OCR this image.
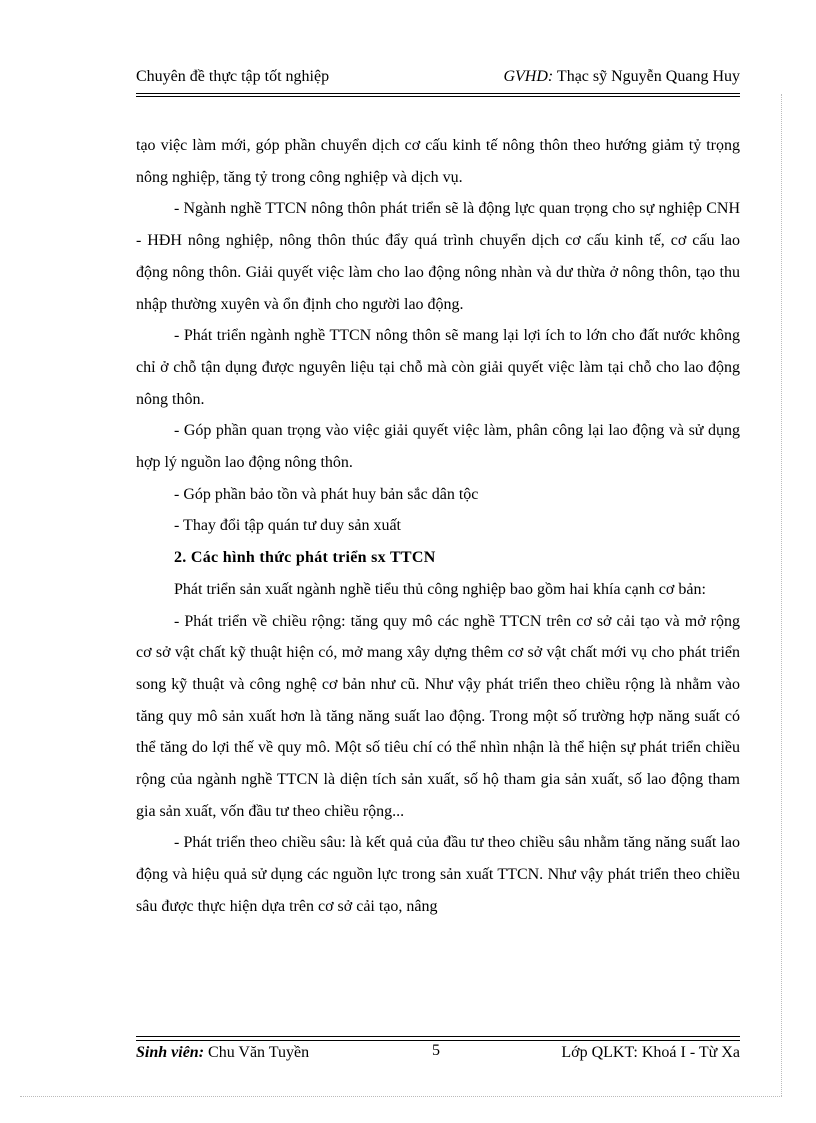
Chuyên đề thực tập tốt nghiệp	GVHD: Thạc sỹ Nguyễn Quang Huy
tạo việc làm mới, góp phần chuyển dịch cơ cấu kinh tế nông thôn theo hướng giảm tỷ trọng nông nghiệp, tăng tỷ trong công nghiệp và dịch vụ.
- Ngành nghề TTCN nông thôn phát triển sẽ là động lực quan trọng cho sự nghiệp CNH - HĐH nông nghiệp, nông thôn thúc đẩy quá trình chuyển dịch cơ cấu kinh tế, cơ cấu lao động nông thôn. Giải quyết việc làm cho lao động nông nhàn và dư thừa ở nông thôn, tạo thu nhập thường xuyên và ổn định cho người lao động.
- Phát triển ngành nghề TTCN nông thôn sẽ mang lại lợi ích to lớn cho đất nước không chỉ ở chỗ tận dụng được nguyên liệu tại chỗ mà còn giải quyết việc làm tại chỗ cho lao động nông thôn.
- Góp phần quan trọng vào việc giải quyết việc làm, phân công lại lao động và sử dụng hợp lý nguồn lao động nông thôn.
- Góp phần bảo tồn và phát huy bản sắc dân tộc
- Thay đổi tập quán tư duy sản xuất
2. Các hình thức phát triển sx TTCN
Phát triển sản xuất ngành nghề tiểu thủ công nghiệp bao gồm hai khía cạnh cơ bản:
- Phát triển về chiều rộng: tăng quy mô các nghề TTCN trên cơ sở cải tạo và mở rộng cơ sở vật chất kỹ thuật hiện có, mở mang xây dựng thêm cơ sở vật chất mới vụ cho phát triển song kỹ thuật và công nghệ cơ bản như cũ. Như vậy phát triển theo chiều rộng là nhằm vào tăng quy mô sản xuất hơn là tăng năng suất lao động. Trong một số trường hợp năng suất có thể tăng do lợi thế về quy mô. Một số tiêu chí có thể nhìn nhận là thể hiện sự phát triển chiều rộng của ngành nghề TTCN là diện tích sản xuất, số hộ tham gia sản xuất, số lao động tham gia sản xuất, vốn đầu tư theo chiều rộng...
- Phát triển theo chiều sâu: là kết quả của đầu tư theo chiều sâu nhằm tăng năng suất lao động và hiệu quả sử dụng các nguồn lực trong sản xuất TTCN. Như vậy phát triển theo chiều sâu được thực hiện dựa trên cơ sở cải tạo, nâng
Sinh viên: Chu Văn Tuyền	5	Lớp QLKT: Khoá I - Từ Xa
